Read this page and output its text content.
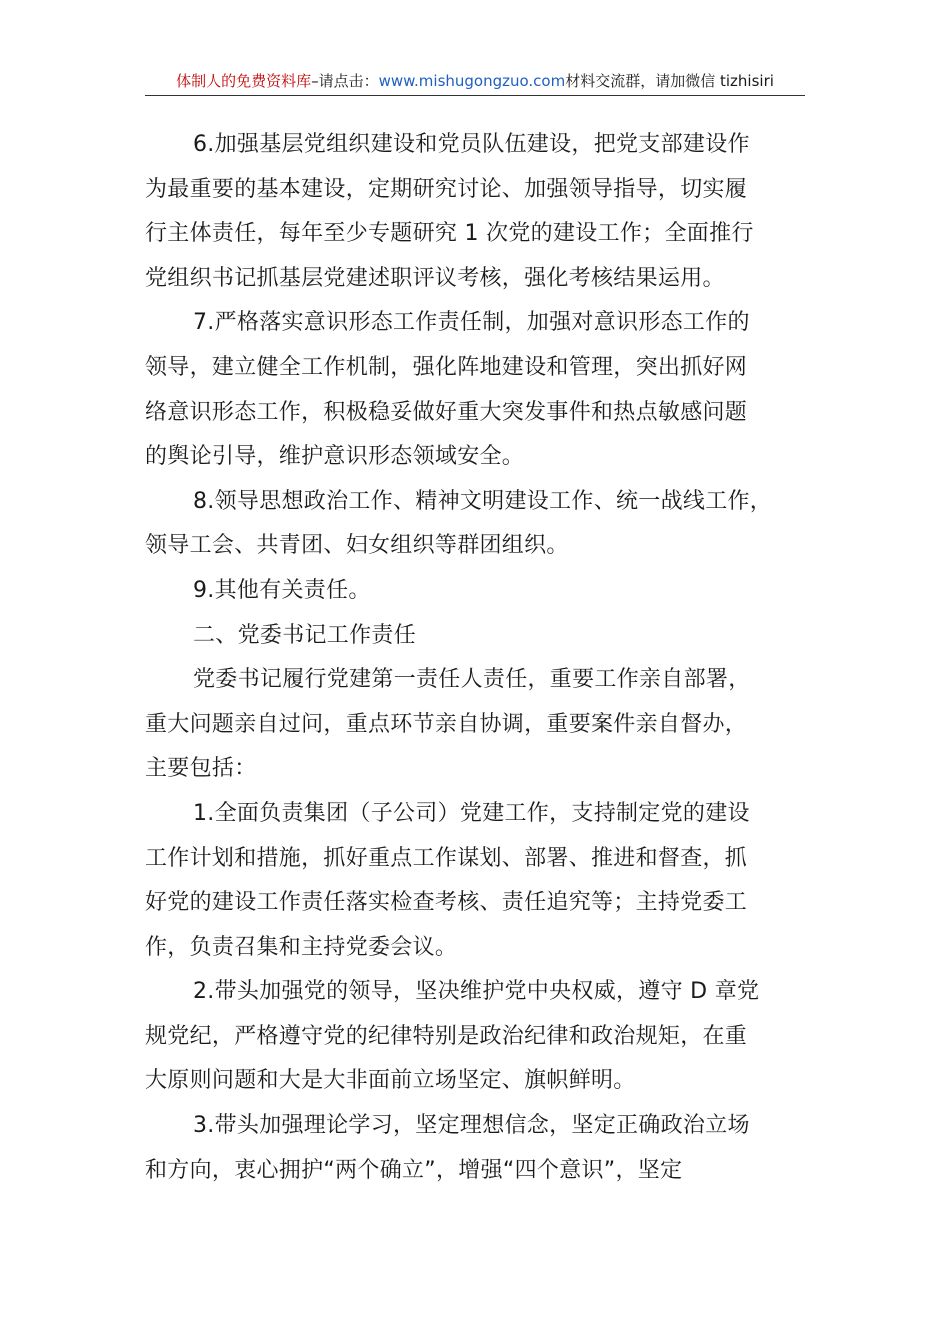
体制人的免费资料库–请点击：www.mishugongzuo.com材料交流群，请加微信 tizhisiri
6.加强基层党组织建设和党员队伍建设，把党支部建设作
为最重要的基本建设，定期研究讨论、加强领导指导，切实履
行主体责任，每年至少专题研究 1 次党的建设工作；全面推行
党组织书记抓基层党建述职评议考核，强化考核结果运用。
7.严格落实意识形态工作责任制，加强对意识形态工作的
领导，建立健全工作机制，强化阵地建设和管理，突出抓好网
络意识形态工作，积极稳妥做好重大突发事件和热点敏感问题
的舆论引导，维护意识形态领域安全。
8.领导思想政治工作、精神文明建设工作、统一战线工作，
领导工会、共青团、妇女组织等群团组织。
9.其他有关责任。
二、党委书记工作责任
党委书记履行党建第一责任人责任，重要工作亲自部署，
重大问题亲自过问，重点环节亲自协调，重要案件亲自督办，
主要包括：
1.全面负责集团（子公司）党建工作，支持制定党的建设
工作计划和措施，抓好重点工作谋划、部署、推进和督查，抓
好党的建设工作责任落实检查考核、责任追究等；主持党委工
作，负责召集和主持党委会议。
2.带头加强党的领导，坚决维护党中央权威，遵守 D 章党
规党纪，严格遵守党的纪律特别是政治纪律和政治规矩，在重
大原则问题和大是大非面前立场坚定、旗帜鲜明。
3.带头加强理论学习，坚定理想信念，坚定正确政治立场
和方向，衷心拥护“两个确立”，增强“四个意识”，坚定
